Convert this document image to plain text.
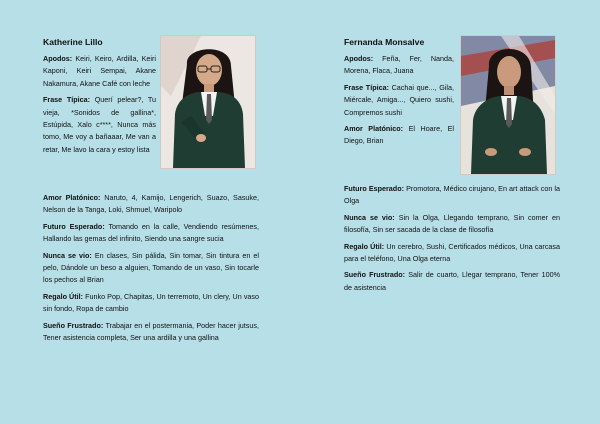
Katherine Lillo

Apodos: Keiri, Keiro, Ardilla, Keiri Kaponi, Keiri Sempai, Akane Nakamura, Akane Café con leche

Frase Típica: Querí pelear?, Tu vieja, *Sonidos de gallina*, Estúpida, Xalo c****, Nunca más tomo, Me voy a bañaaar, Me van a retar, Me lavo la cara y estoy lista

Amor Platónico: Naruto, 4, Kamijo, Lengerich, Suazo, Sasuke, Nelson de la Tanga, Loki, Shmuel, Waripolo

Futuro Esperado: Tomando en la calle, Vendiendo resúmenes, Hallando las gemas del infinito, Siendo una sangre sucia

Nunca se vio: En clases, Sin pálida, Sin tomar, Sin tintura en el pelo, Dándole un beso a alguien, Tomando de un vaso, Sin tocarle los pechos al Brian

Regalo Útil: Funko Pop, Chapitas, Un terremoto, Un clery, Un vaso sin fondo, Ropa de cambio

Sueño Frustrado: Trabajar en el postermania, Poder hacer jutsus, Tener asistencia completa, Ser una ardilla y una gallina

Fernanda Monsalve

Apodos: Feña, Fer, Nanda, Morena, Flaca, Juana

Frase Típica: Cachai que..., Gila, Miércale, Amiga..., Quiero sushi, Compremos sushi

Amor Platónico: El Hoare, El Diego, Brian

Futuro Esperado: Promotora, Médico cirujano, En art attack con la Olga

Nunca se vio: Sin la Olga, Llegando temprano, Sin comer en filosofía, Sin ser sacada de la clase de filosofía

Regalo Útil: Un cerebro, Sushi, Certificados médicos, Una carcasa para el teléfono, Una Olga eterna

Sueño Frustrado: Salir de cuarto, Llegar temprano, Tener 100% de asistencia
